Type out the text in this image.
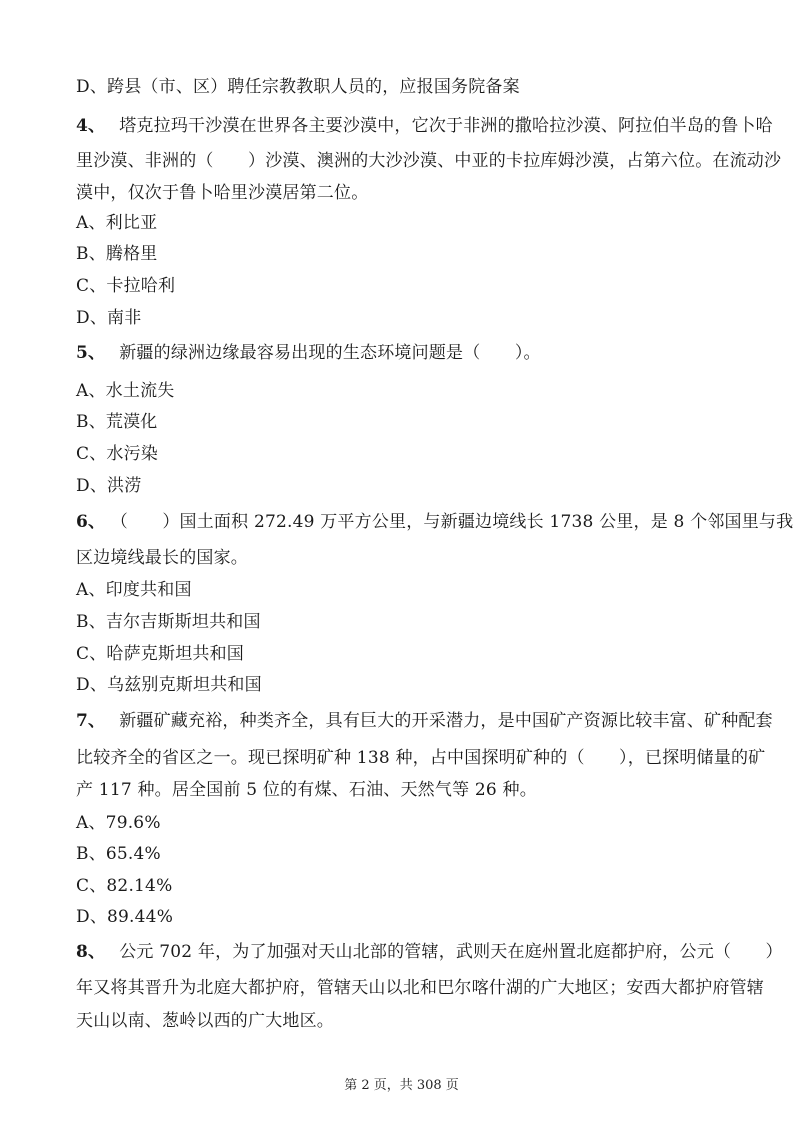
D、跨县（市、区）聘任宗教教职人员的，应报国务院备案
4、 塔克拉玛干沙漠在世界各主要沙漠中，它次于非洲的撒哈拉沙漠、阿拉伯半岛的鲁卜哈
里沙漠、非洲的（　　）沙漠、澳洲的大沙沙漠、中亚的卡拉库姆沙漠，占第六位。在流动沙
漠中，仅次于鲁卜哈里沙漠居第二位。
A、利比亚
B、腾格里
C、卡拉哈利
D、南非
5、 新疆的绿洲边缘最容易出现的生态环境问题是（　　）。
A、水土流失
B、荒漠化
C、水污染
D、洪涝
6、 （　　）国土面积 272.49 万平方公里，与新疆边境线长 1738 公里，是 8 个邻国里与我
区边境线最长的国家。
A、印度共和国
B、吉尔吉斯斯坦共和国
C、哈萨克斯坦共和国
D、乌兹别克斯坦共和国
7、 新疆矿藏充裕，种类齐全，具有巨大的开采潜力，是中国矿产资源比较丰富、矿种配套
比较齐全的省区之一。现已探明矿种 138 种，占中国探明矿种的（　　），已探明储量的矿
产 117 种。居全国前 5 位的有煤、石油、天然气等 26 种。
A、79.6%
B、65.4%
C、82.14%
D、89.44%
8、 公元 702 年，为了加强对天山北部的管辖，武则天在庭州置北庭都护府，公元（　　）
年又将其晋升为北庭大都护府，管辖天山以北和巴尔喀什湖的广大地区；安西大都护府管辖
天山以南、葱岭以西的广大地区。
第 2 页，共 308 页
